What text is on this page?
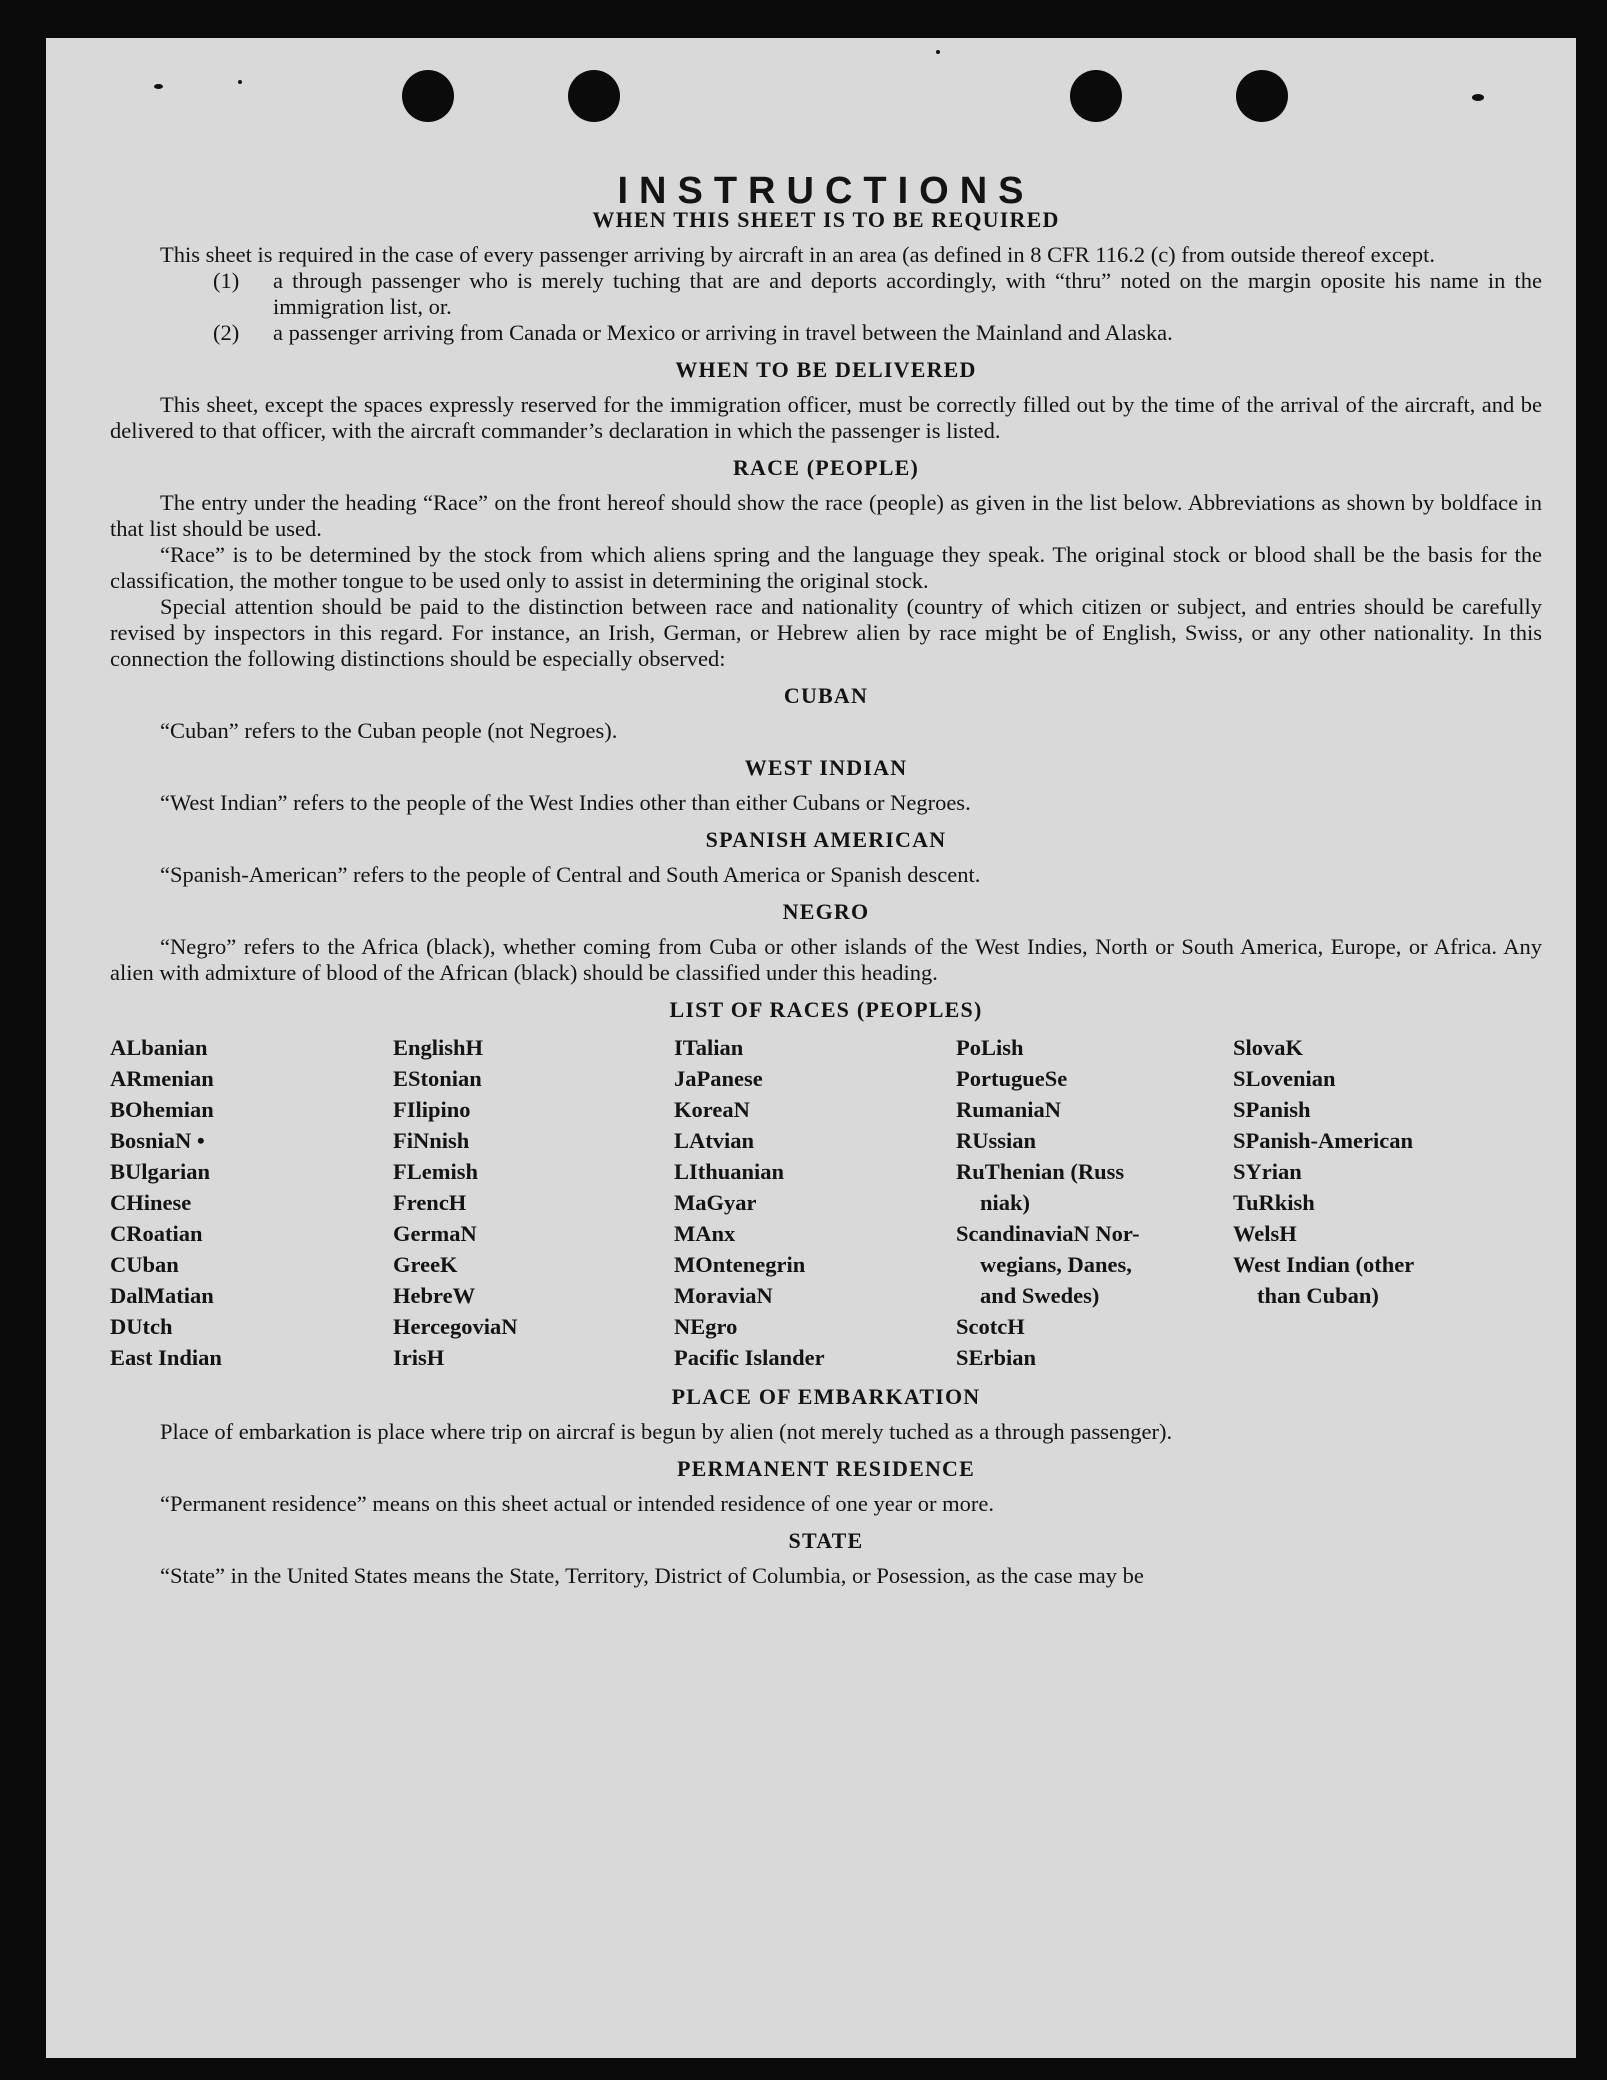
INSTRUCTIONS
WHEN THIS SHEET IS TO BE REQUIRED

This sheet is required in the case of every passenger arriving by aircraft in an area (as defined in 8 CFR 116.2 (c) from outside thereof except.

(1)	a through passenger who is merely tuching that are and deports accordingly, with “thru” noted on the margin oposite his name in the immigration list, or.
(2)	a passenger arriving from Canada or Mexico or arriving in travel between the Mainland and Alaska.
WHEN TO BE DELIVERED

This sheet, except the spaces expressly reserved for the immigration officer, must be correctly filled out by the time of the arrival of the aircraft, and be delivered to that officer, with the aircraft commander’s declaration in which the passenger is listed.

RACE (PEOPLE)

The entry under the heading “Race” on the front hereof should show the race (people) as given in the list below. Abbreviations as shown by boldface in that list should be used.

“Race” is to be determined by the stock from which aliens spring and the language they speak. The original stock or blood shall be the basis for the classification, the mother tongue to be used only to assist in determining the original stock.

Special attention should be paid to the distinction between race and nationality (country of which citizen or subject, and entries should be carefully revised by inspectors in this regard. For instance, an Irish, German, or Hebrew alien by race might be of English, Swiss, or any other nationality. In this connection the following distinctions should be especially observed:

CUBAN

“Cuban” refers to the Cuban people (not Negroes).

WEST INDIAN

“West Indian” refers to the people of the West Indies other than either Cubans or Negroes.

SPANISH AMERICAN

“Spanish-American” refers to the people of Central and South America or Spanish descent.

NEGRO

“Negro” refers to the Africa (black), whether coming from Cuba or other islands of the West Indies, North or South America, Europe, or Africa. Any alien with admixture of blood of the African (black) should be classified under this heading.

LIST OF RACES (PEOPLES)
ALbanian
ARmenian
BOhemian
BosniaN •
BUlgarian
CHinese
CRoatian
CUban
DalMatian
DUtch
East Indian
EnglishH
EStonian
FIlipino
FiNnish
FLemish
FrencH
GermaN
GreeK
HebreW
HercegoviaN
IrisH
ITalian
JaPanese
KoreaN
LAtvian
LIthuanian
MaGyar
MAnx
MOntenegrin
MoraviaN
NEgro
Pacific Islander
PoLish
PortugueSe
RumaniaN
RUssian
RuThenian (Russ
niak)
ScandinaviaN Nor-
wegians, Danes,
and Swedes)
ScotcH
SErbian
SlovaK
SLovenian
SPanish
SPanish-American
SYrian
TuRkish
WelsH
West Indian (other
than Cuban)
PLACE OF EMBARKATION

Place of embarkation is place where trip on aircraf is begun by alien (not merely tuched as a through passenger).

PERMANENT RESIDENCE

“Permanent residence” means on this sheet actual or intended residence of one year or more.

STATE

“State” in the United States means the State, Territory, District of Columbia, or Posession, as the case may be
